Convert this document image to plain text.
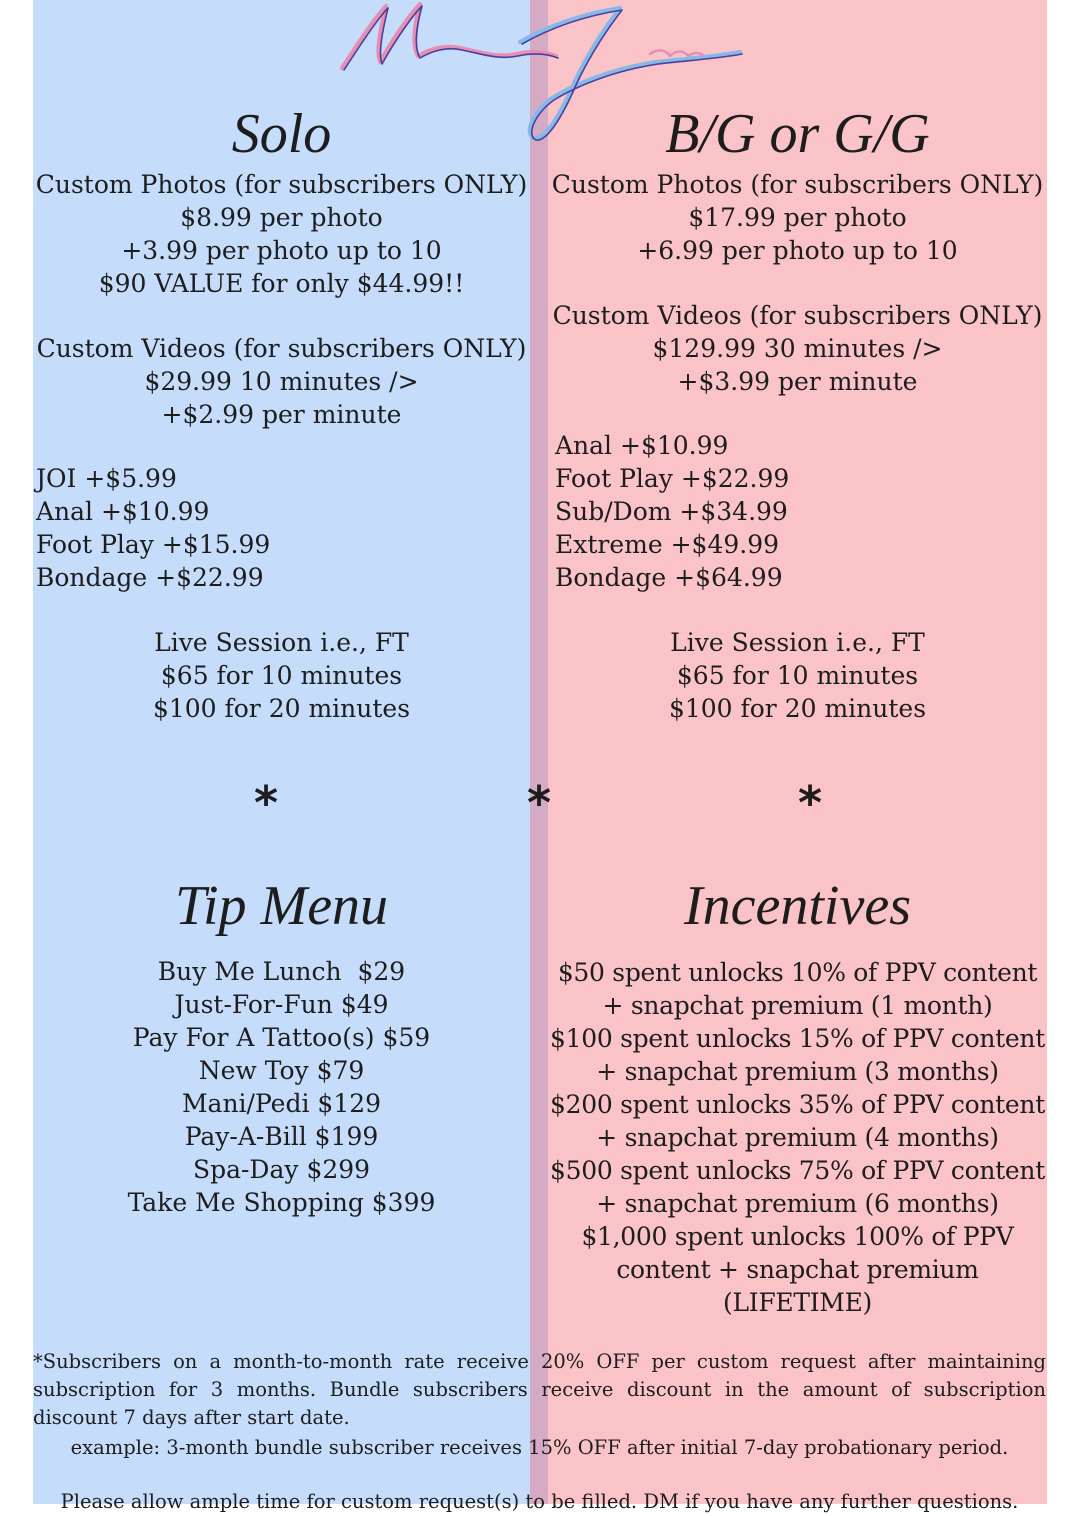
Solo
Custom Photos (for subscribers ONLY)
$8.99 per photo
+3.99 per photo up to 10
$90 VALUE for only $44.99!!
Custom Videos (for subscribers ONLY)
$29.99 10 minutes />
+$2.99 per minute
JOI +$5.99
Anal +$10.99
Foot Play +$15.99
Bondage +$22.99
Live Session i.e., FT
$65 for 10 minutes
$100 for 20 minutes
B/G or G/G
Custom Photos (for subscribers ONLY)
$17.99 per photo
+6.99 per photo up to 10
Custom Videos (for subscribers ONLY)
$129.99 30 minutes />
+$3.99 per minute
Anal +$10.99
Foot Play +$22.99
Sub/Dom +$34.99
Extreme +$49.99
Bondage +$64.99
Live Session i.e., FT
$65 for 10 minutes
$100 for 20 minutes
*	*	*
Tip Menu
Buy Me Lunch  $29
Just-For-Fun $49
Pay For A Tattoo(s) $59
New Toy $79
Mani/Pedi $129
Pay-A-Bill $199
Spa-Day $299
Take Me Shopping $399
Incentives
$50 spent unlocks 10% of PPV content
+ snapchat premium (1 month)
$100 spent unlocks 15% of PPV content
+ snapchat premium (3 months)
$200 spent unlocks 35% of PPV content
+ snapchat premium (4 months)
$500 spent unlocks 75% of PPV content
+ snapchat premium (6 months)
$1,000 spent unlocks 100% of PPV
content + snapchat premium
(LIFETIME)
*Subscribers on a month-to-month rate receive 20% OFF per custom request after maintaining subscription for 3 months. Bundle subscribers receive discount in the amount of subscription
discount 7 days after start date.
example: 3-month bundle subscriber receives 15% OFF after initial 7-day probationary period.
Please allow ample time for custom request(s) to be filled. DM if you have any further questions.
